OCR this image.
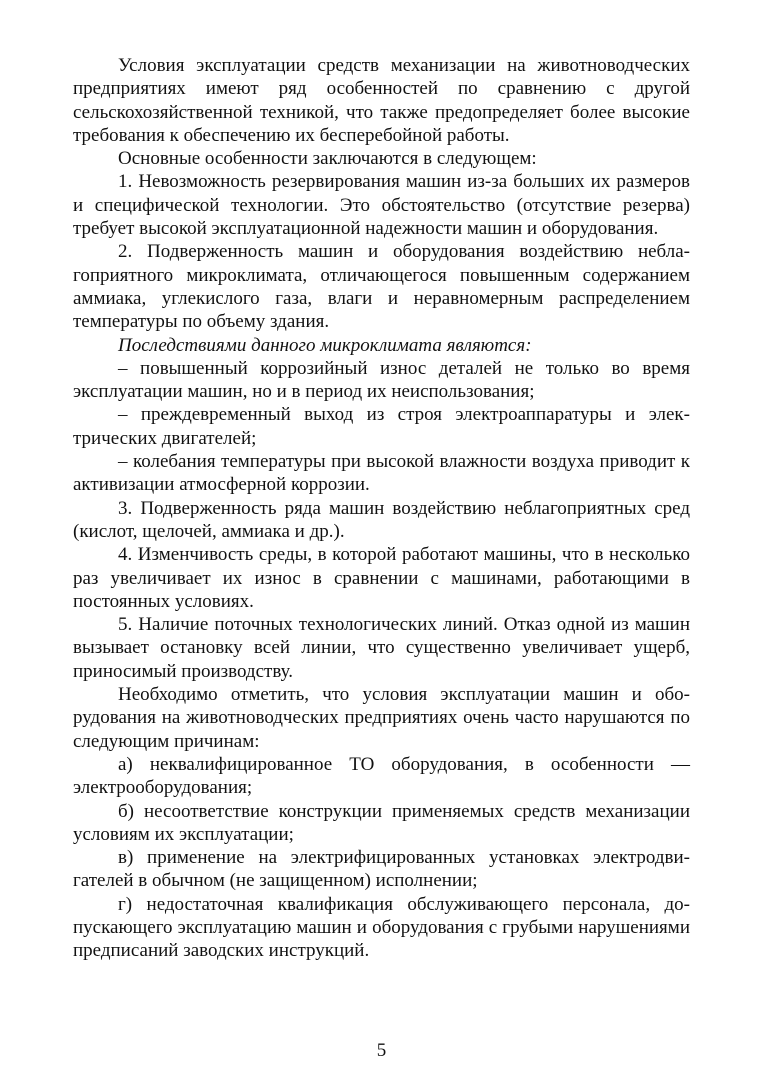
Условия эксплуатации средств механизации на животноводческих предприятиях имеют ряд особенностей по сравнению с другой сельскохозяйственной техникой, что также предопределяет более высокие требования к обеспечению их бесперебойной работы.

Основные особенности заключаются в следующем:

1. Невозможность резервирования машин из-за больших их размеров и специфической технологии. Это обстоятельство (отсутствие резерва) требует высокой эксплуатационной надежности машин и оборудования.

2. Подверженность машин и оборудования воздействию неблагоприятного микроклимата, отличающегося повышенным содержанием аммиака, углекислого газа, влаги и неравномерным распределением температуры по объему здания.

Последствиями данного микроклимата являются:

– повышенный коррозийный износ деталей не только во время эксплуатации машин, но и в период их неиспользования;

– преждевременный выход из строя электроаппаратуры и электрических двигателей;

– колебания температуры при высокой влажности воздуха приводит к активизации атмосферной коррозии.

3. Подверженность ряда машин воздействию неблагоприятных сред (кислот, щелочей, аммиака и др.).

4. Изменчивость среды, в которой работают машины, что в несколько раз увеличивает их износ в сравнении с машинами, работающими в постоянных условиях.

5. Наличие поточных технологических линий. Отказ одной из машин вызывает остановку всей линии, что существенно увеличивает ущерб, приносимый производству.

Необходимо отметить, что условия эксплуатации машин и оборудования на животноводческих предприятиях очень часто нарушаются по следующим причинам:

а) неквалифицированное ТО оборудования, в особенности — электрооборудования;

б) несоответствие конструкции применяемых средств механизации условиям их эксплуатации;

в) применение на электрифицированных установках электродвигателей в обычном (не защищенном) исполнении;

г) недостаточная квалификация обслуживающего персонала, допускающего эксплуатацию машин и оборудования с грубыми нарушениями предписаний заводских инструкций.

5
